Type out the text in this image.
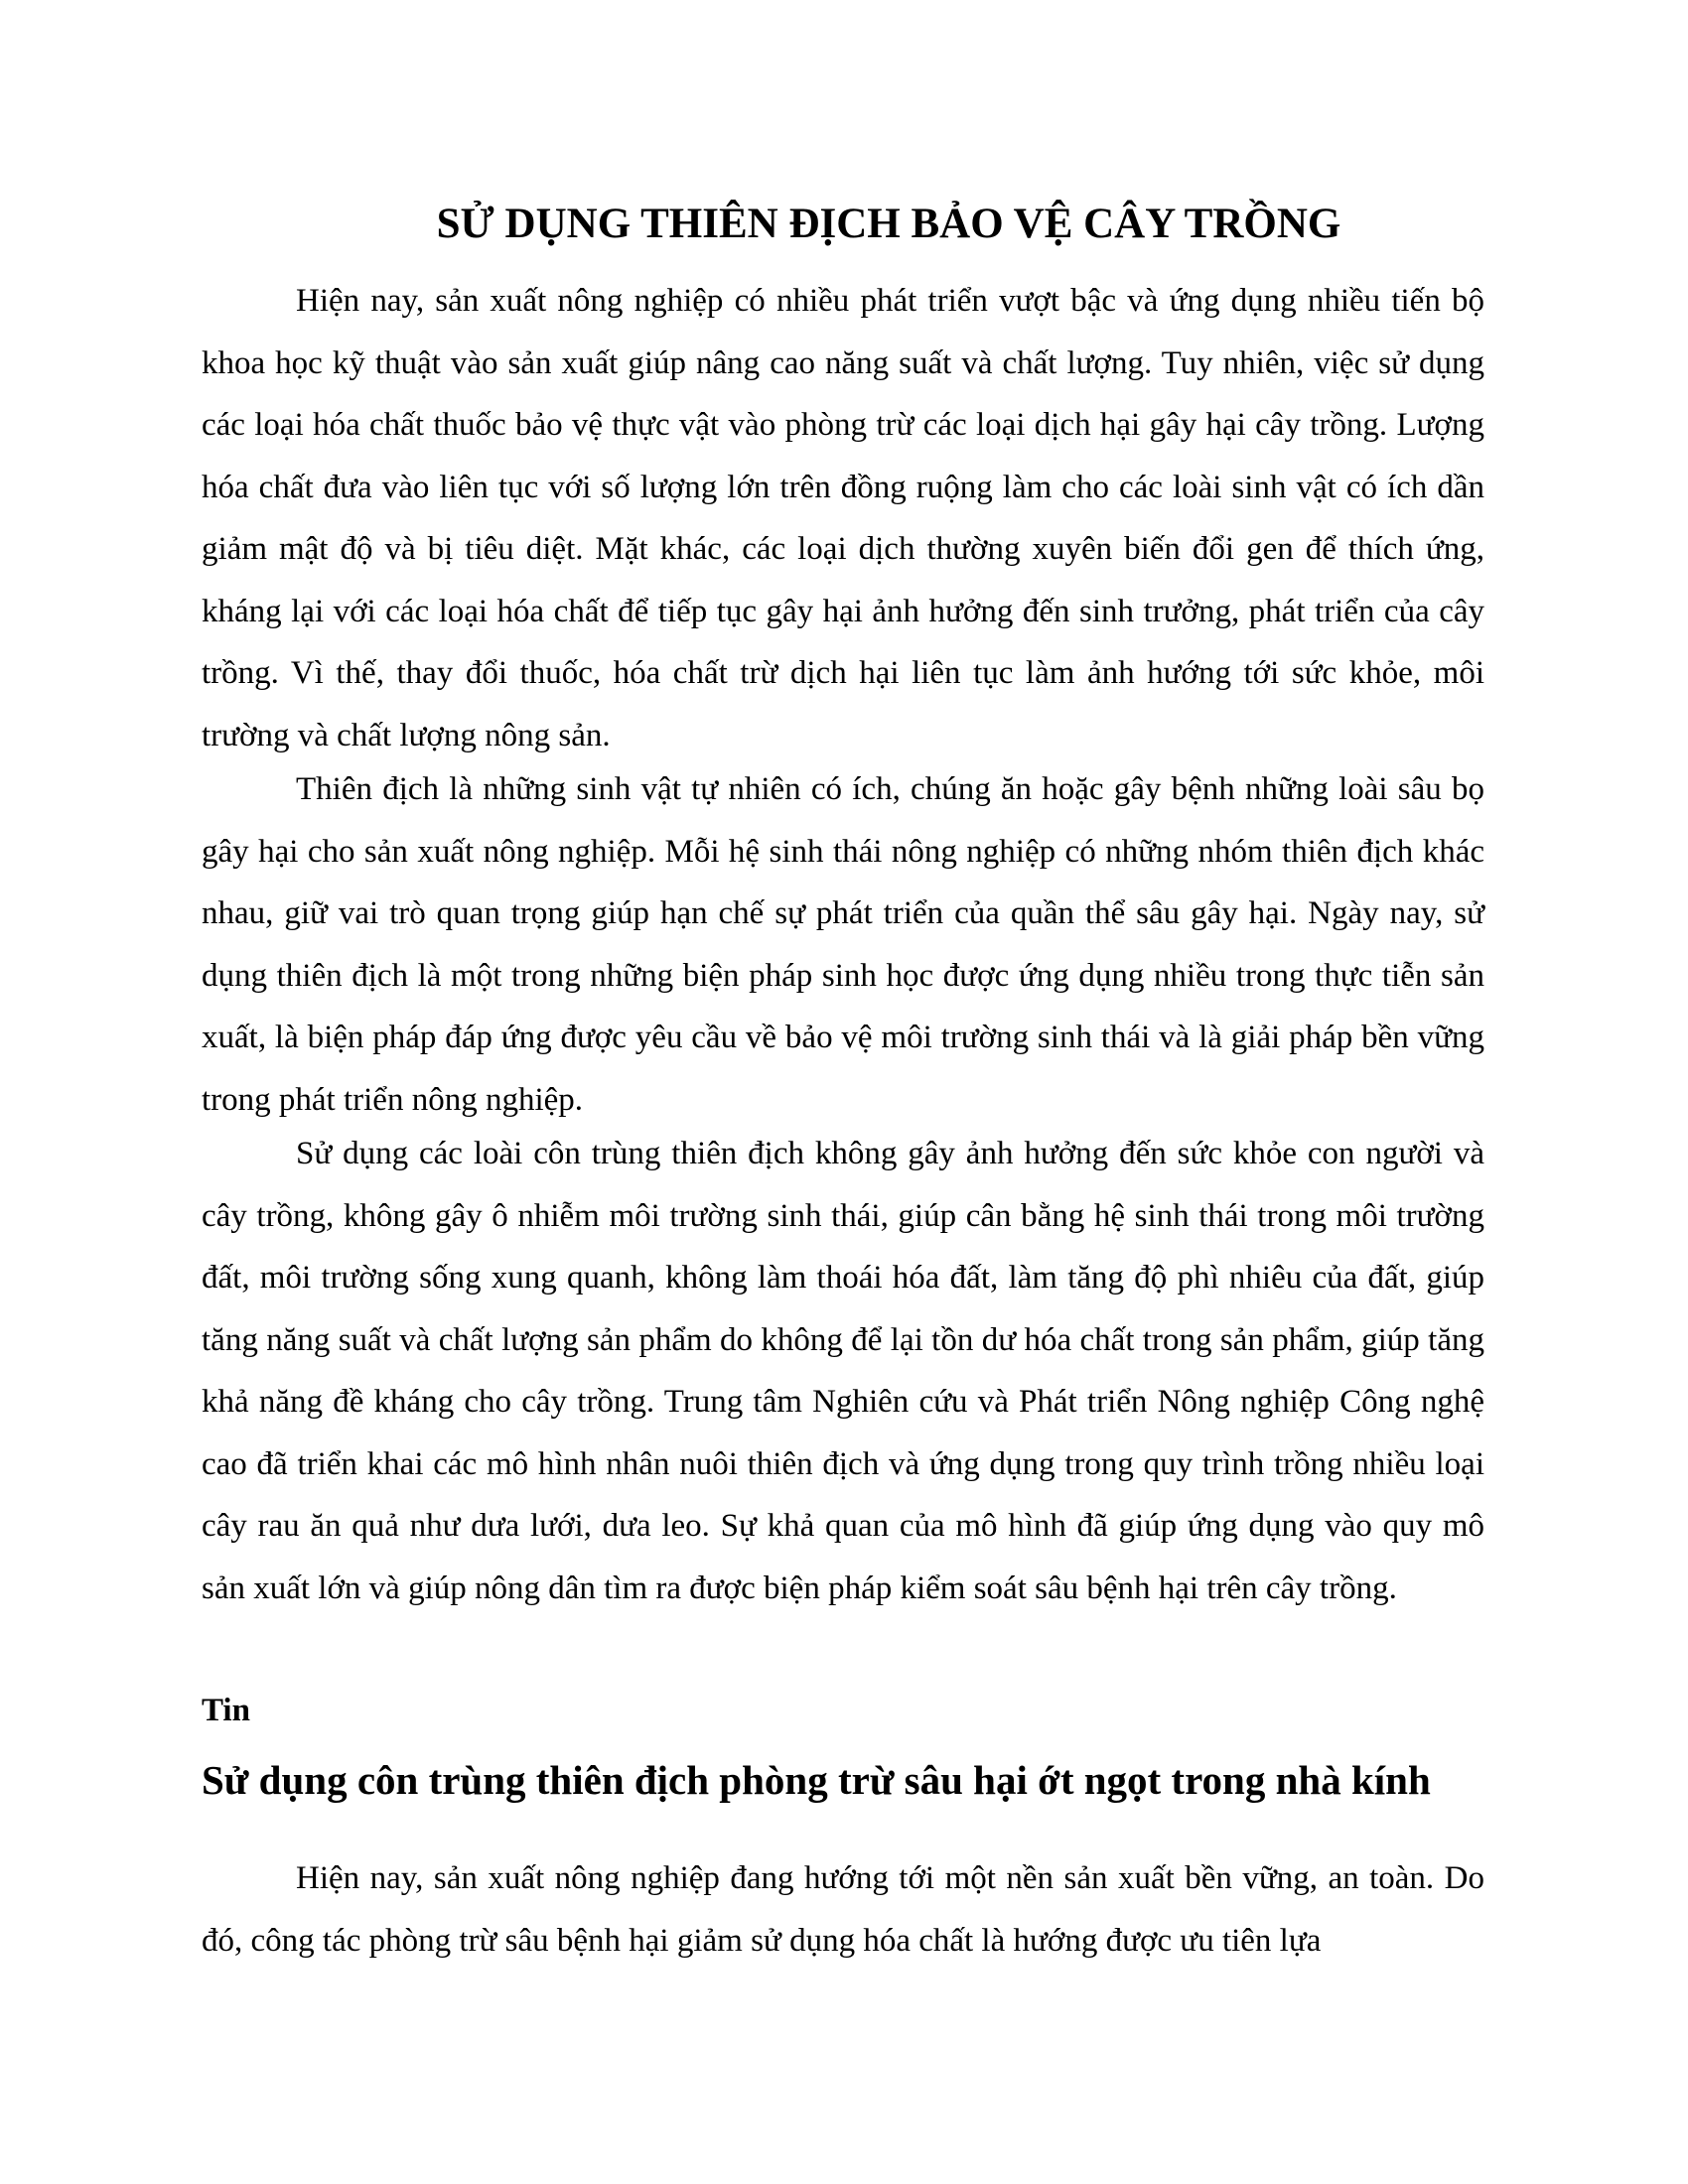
SỬ DỤNG THIÊN ĐỊCH BẢO VỆ CÂY TRỒNG

Hiện nay, sản xuất nông nghiệp có nhiều phát triển vượt bậc và ứng dụng nhiều tiến bộ khoa học kỹ thuật vào sản xuất giúp nâng cao năng suất và chất lượng. Tuy nhiên, việc sử dụng các loại hóa chất thuốc bảo vệ thực vật vào phòng trừ các loại dịch hại gây hại cây trồng. Lượng hóa chất đưa vào liên tục với số lượng lớn trên đồng ruộng làm cho các loài sinh vật có ích dần giảm mật độ và bị tiêu diệt. Mặt khác, các loại dịch thường xuyên biến đổi gen để thích ứng, kháng lại với các loại hóa chất để tiếp tục gây hại ảnh hưởng đến sinh trưởng, phát triển của cây trồng. Vì thế, thay đổi thuốc, hóa chất trừ dịch hại liên tục làm ảnh hướng tới sức khỏe, môi trường và chất lượng nông sản.

Thiên địch là những sinh vật tự nhiên có ích, chúng ăn hoặc gây bệnh những loài sâu bọ gây hại cho sản xuất nông nghiệp. Mỗi hệ sinh thái nông nghiệp có những nhóm thiên địch khác nhau, giữ vai trò quan trọng giúp hạn chế sự phát triển của quần thể sâu gây hại. Ngày nay, sử dụng thiên địch là một trong những biện pháp sinh học được ứng dụng nhiều trong thực tiễn sản xuất, là biện pháp đáp ứng được yêu cầu về bảo vệ môi trường sinh thái và là giải pháp bền vững trong phát triển nông nghiệp.

Sử dụng các loài côn trùng thiên địch không gây ảnh hưởng đến sức khỏe con người và cây trồng, không gây ô nhiễm môi trường sinh thái, giúp cân bằng hệ sinh thái trong môi trường đất, môi trường sống xung quanh, không làm thoái hóa đất, làm tăng độ phì nhiêu của đất, giúp tăng năng suất và chất lượng sản phẩm do không để lại tồn dư hóa chất trong sản phẩm, giúp tăng khả năng đề kháng cho cây trồng. Trung tâm Nghiên cứu và Phát triển Nông nghiệp Công nghệ cao đã triển khai các mô hình nhân nuôi thiên địch và ứng dụng trong quy trình trồng nhiều loại cây rau ăn quả như dưa lưới, dưa leo. Sự khả quan của mô hình đã giúp ứng dụng vào quy mô sản xuất lớn và giúp nông dân tìm ra được biện pháp kiểm soát sâu bệnh hại trên cây trồng.

Tin
Sử dụng côn trùng thiên địch phòng trừ sâu hại ớt ngọt trong nhà kính

Hiện nay, sản xuất nông nghiệp đang hướng tới một nền sản xuất bền vững, an toàn. Do đó, công tác phòng trừ sâu bệnh hại giảm sử dụng hóa chất là hướng được ưu tiên lựa
